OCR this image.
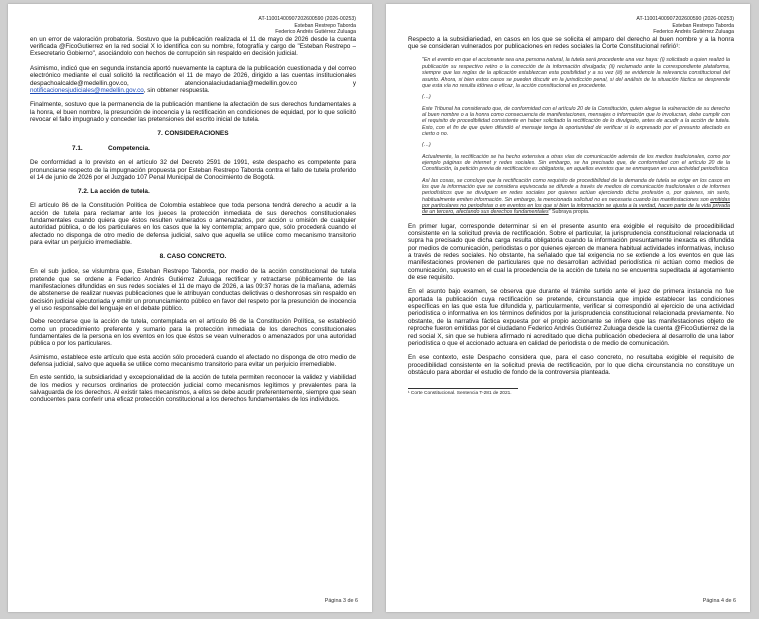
AT-11001400907202600590 (2026-00253)
Esteban Restrepo Taborda
Federico Andrés Gutiérrez Zuluaga

en un error de valoración probatoria. Sostuvo que la publicación realizada el 11 de mayo de 2026 desde la cuenta verificada @FicoGutierrez en la red social X lo identifica con su nombre, fotografía y cargo de "Esteban Restrepo – Exsecretario Gobierno", asociándolo con hechos de corrupción sin respaldo en decisión judicial.

Asimismo, indicó que en segunda instancia aportó nuevamente la captura de la publicación cuestionada y del correo electrónico mediante el cual solicitó la rectificación el 11 de mayo de 2026, dirigido a las cuentas institucionales despachoalcalde@medellin.gov.co, atencionalaciudadania@medellin.gov.co y notificacionesjudiciales@medellin.gov.co, sin obtener respuesta.

Finalmente, sostuvo que la permanencia de la publicación mantiene la afectación de sus derechos fundamentales a la honra, el buen nombre, la presunción de inocencia y la rectificación en condiciones de equidad, por lo que solicitó revocar el fallo impugnado y conceder las pretensiones del escrito inicial de tutela.

7. CONSIDERACIONES
7.1.	Competencia.

De conformidad a lo previsto en el artículo 32 del Decreto 2591 de 1991, este despacho es competente para pronunciarse respecto de la impugnación propuesta por Esteban Restrepo Taborda contra el fallo de tutela proferido el 14 de junio de 2026 por el Juzgado 107 Penal Municipal de Conocimiento de Bogotá.

7.2. La acción de tutela.

El artículo 86 de la Constitución Política de Colombia establece que toda persona tendrá derecho a acudir a la acción de tutela para reclamar ante los jueces la protección inmediata de sus derechos constitucionales fundamentales cuando quiera que éstos resulten vulnerados o amenazados, por acción u omisión de cualquier autoridad pública, o de los particulares en los casos que la ley contempla; amparo que, sólo procederá cuando el afectado no disponga de otro medio de defensa judicial, salvo que aquella se utilice como mecanismo transitorio para evitar un perjuicio irremediable.

8. CASO CONCRETO.

En el sub judice, se vislumbra que, Esteban Restrepo Taborda, por medio de la acción constitucional de tutela pretende que se ordene a Federico Andrés Gutiérrez Zuluaga rectificar y retractarse públicamente de las manifestaciones difundidas en sus redes sociales el 11 de mayo de 2026, a las 09:37 horas de la mañana, además de abstenerse de realizar nuevas publicaciones que le atribuyan conductas delictivas o deshonrosas sin respaldo en decisión judicial ejecutoriada y emitir un pronunciamiento público en favor del respeto por la presunción de inocencia y el uso responsable del lenguaje en el debate público.

Debe recordarse que la acción de tutela, contemplada en el artículo 86 de la Constitución Política, se estableció como un procedimiento preferente y sumario para la protección inmediata de los derechos constitucionales fundamentales de la persona en los eventos en los que éstos se vean vulnerados o amenazados por una autoridad pública o por los particulares.

Asimismo, establece este artículo que esta acción sólo procederá cuando el afectado no disponga de otro medio de defensa judicial, salvo que aquella se utilice como mecanismo transitorio para evitar un perjuicio irremediable.

En este sentido, la subsidiaridad y excepcionalidad de la acción de tutela permiten reconocer la validez y viabilidad de los medios y recursos ordinarios de protección judicial como mecanismos legítimos y prevalentes para la salvaguarda de los derechos. Al existir tales mecanismos, a ellos se debe acudir preferentemente, siempre que sean conducentes para conferir una eficaz protección constitucional a los derechos fundamentales de los individuos.

Página 3 de 6
AT-11001400907202600590 (2026-00253)
Esteban Restrepo Taborda
Federico Andrés Gutiérrez Zuluaga

Respecto a la subsidiariedad, en casos en los que se solicita el amparo del derecho al buen nombre y a la honra que se consideran vulnerados por publicaciones en redes sociales la Corte Constitucional refirió¹:

"En el evento en que el accionante sea una persona natural, la tutela será procedente una vez haya: (i) solicitado a quien realizó la publicación su respectivo retiro o la corrección de la información divulgada; (ii) reclamado ante la correspondiente plataforma, siempre que las reglas de la aplicación establezcan esta posibilidad y a su vez (iii) se evidencie la relevancia constitucional del asunto. Ahora, si bien estos casos se pueden discutir en la jurisdicción penal, si del análisis de la situación fáctica se desprende que esta vía no resulta idónea o eficaz, la acción constitucional es procedente.

(…)

Este Tribunal ha considerado que, de conformidad con el artículo 20 de la Constitución, quien alegue la vulneración de su derecho al buen nombre o a la honra como consecuencia de manifestaciones, mensajes o información que lo involucran, debe cumplir con el requisito de procedibilidad consistente en haber solicitado la rectificación de lo divulgado, antes de acudir a la acción de tutela. Esto, con el fin de que quien difundió el mensaje tenga la oportunidad de verificar si lo expresado por el presunto afectado es cierto o no.

(…)

Actualmente, la rectificación se ha hecho extensiva a otras vías de comunicación además de los medios tradicionales, como por ejemplo páginas de internet y redes sociales. Sin embargo, se ha precisado que, de conformidad con el artículo 20 de la Constitución, la petición previa de rectificación es obligatoria, en aquellos eventos que se enmarquen en una actividad periodística

Así las cosas, se concluye que la rectificación como requisito de procedibilidad de la demanda de tutela se exige en los casos en los que la información que se considera equivocada se difunde a través de medios de comunicación tradicionales o de informes periodísticos que se divulguen en redes sociales por quienes actúan ejerciendo dicha profesión o, por quienes, sin serlo, habitualmente emiten información. Sin embargo, la mencionada solicitud no es necesaria cuando las manifestaciones son emitidas por particulares no periodistas o en eventos en los que si bien la información se ajusta a la verdad, hacen parte de la vida privada de un tercero, afectando sus derechos fundamentales" Subraya propia.

En primer lugar, corresponde determinar si en el presente asunto era exigible el requisito de procedibilidad consistente en la solicitud previa de rectificación. Sobre el particular, la jurisprudencia constitucional relacionada ut supra ha precisado que dicha carga resulta obligatoria cuando la información presuntamente inexacta es difundida por medios de comunicación, periodistas o por quienes ejercen de manera habitual actividades informativas, incluso a través de redes sociales. No obstante, ha señalado que tal exigencia no se extiende a los eventos en que las manifestaciones provienen de particulares que no desarrollan actividad periodística ni actúan como medios de comunicación, supuesto en el cual la procedencia de la acción de tutela no se encuentra supeditada al agotamiento de ese requisito.

En el asunto bajo examen, se observa que durante el trámite surtido ante el juez de primera instancia no fue aportada la publicación cuya rectificación se pretende, circunstancia que impide establecer las condiciones específicas en las que esta fue difundida y, particularmente, verificar si correspondió al ejercicio de una actividad periodística o informativa en los términos definidos por la jurisprudencia constitucional relacionada previamente. No obstante, de la narrativa fáctica expuesta por el propio accionante se infiere que las manifestaciones objeto de reproche fueron emitidas por el ciudadano Federico Andrés Gutiérrez Zuluaga desde la cuenta @FicoGutierrez de la red social X, sin que se hubiera afirmado ni acreditado que dicha publicación obedeciera al desarrollo de una labor periodística o que el accionado actuara en calidad de periodista o de medio de comunicación.

En ese contexto, este Despacho considera que, para el caso concreto, no resultaba exigible el requisito de procedibilidad consistente en la solicitud previa de rectificación, por lo que dicha circunstancia no constituye un obstáculo para abordar el estudio de fondo de la controversia planteada.

¹ Corte Constitucional. Sentencia T-281 de 2021.
Página 4 de 6
